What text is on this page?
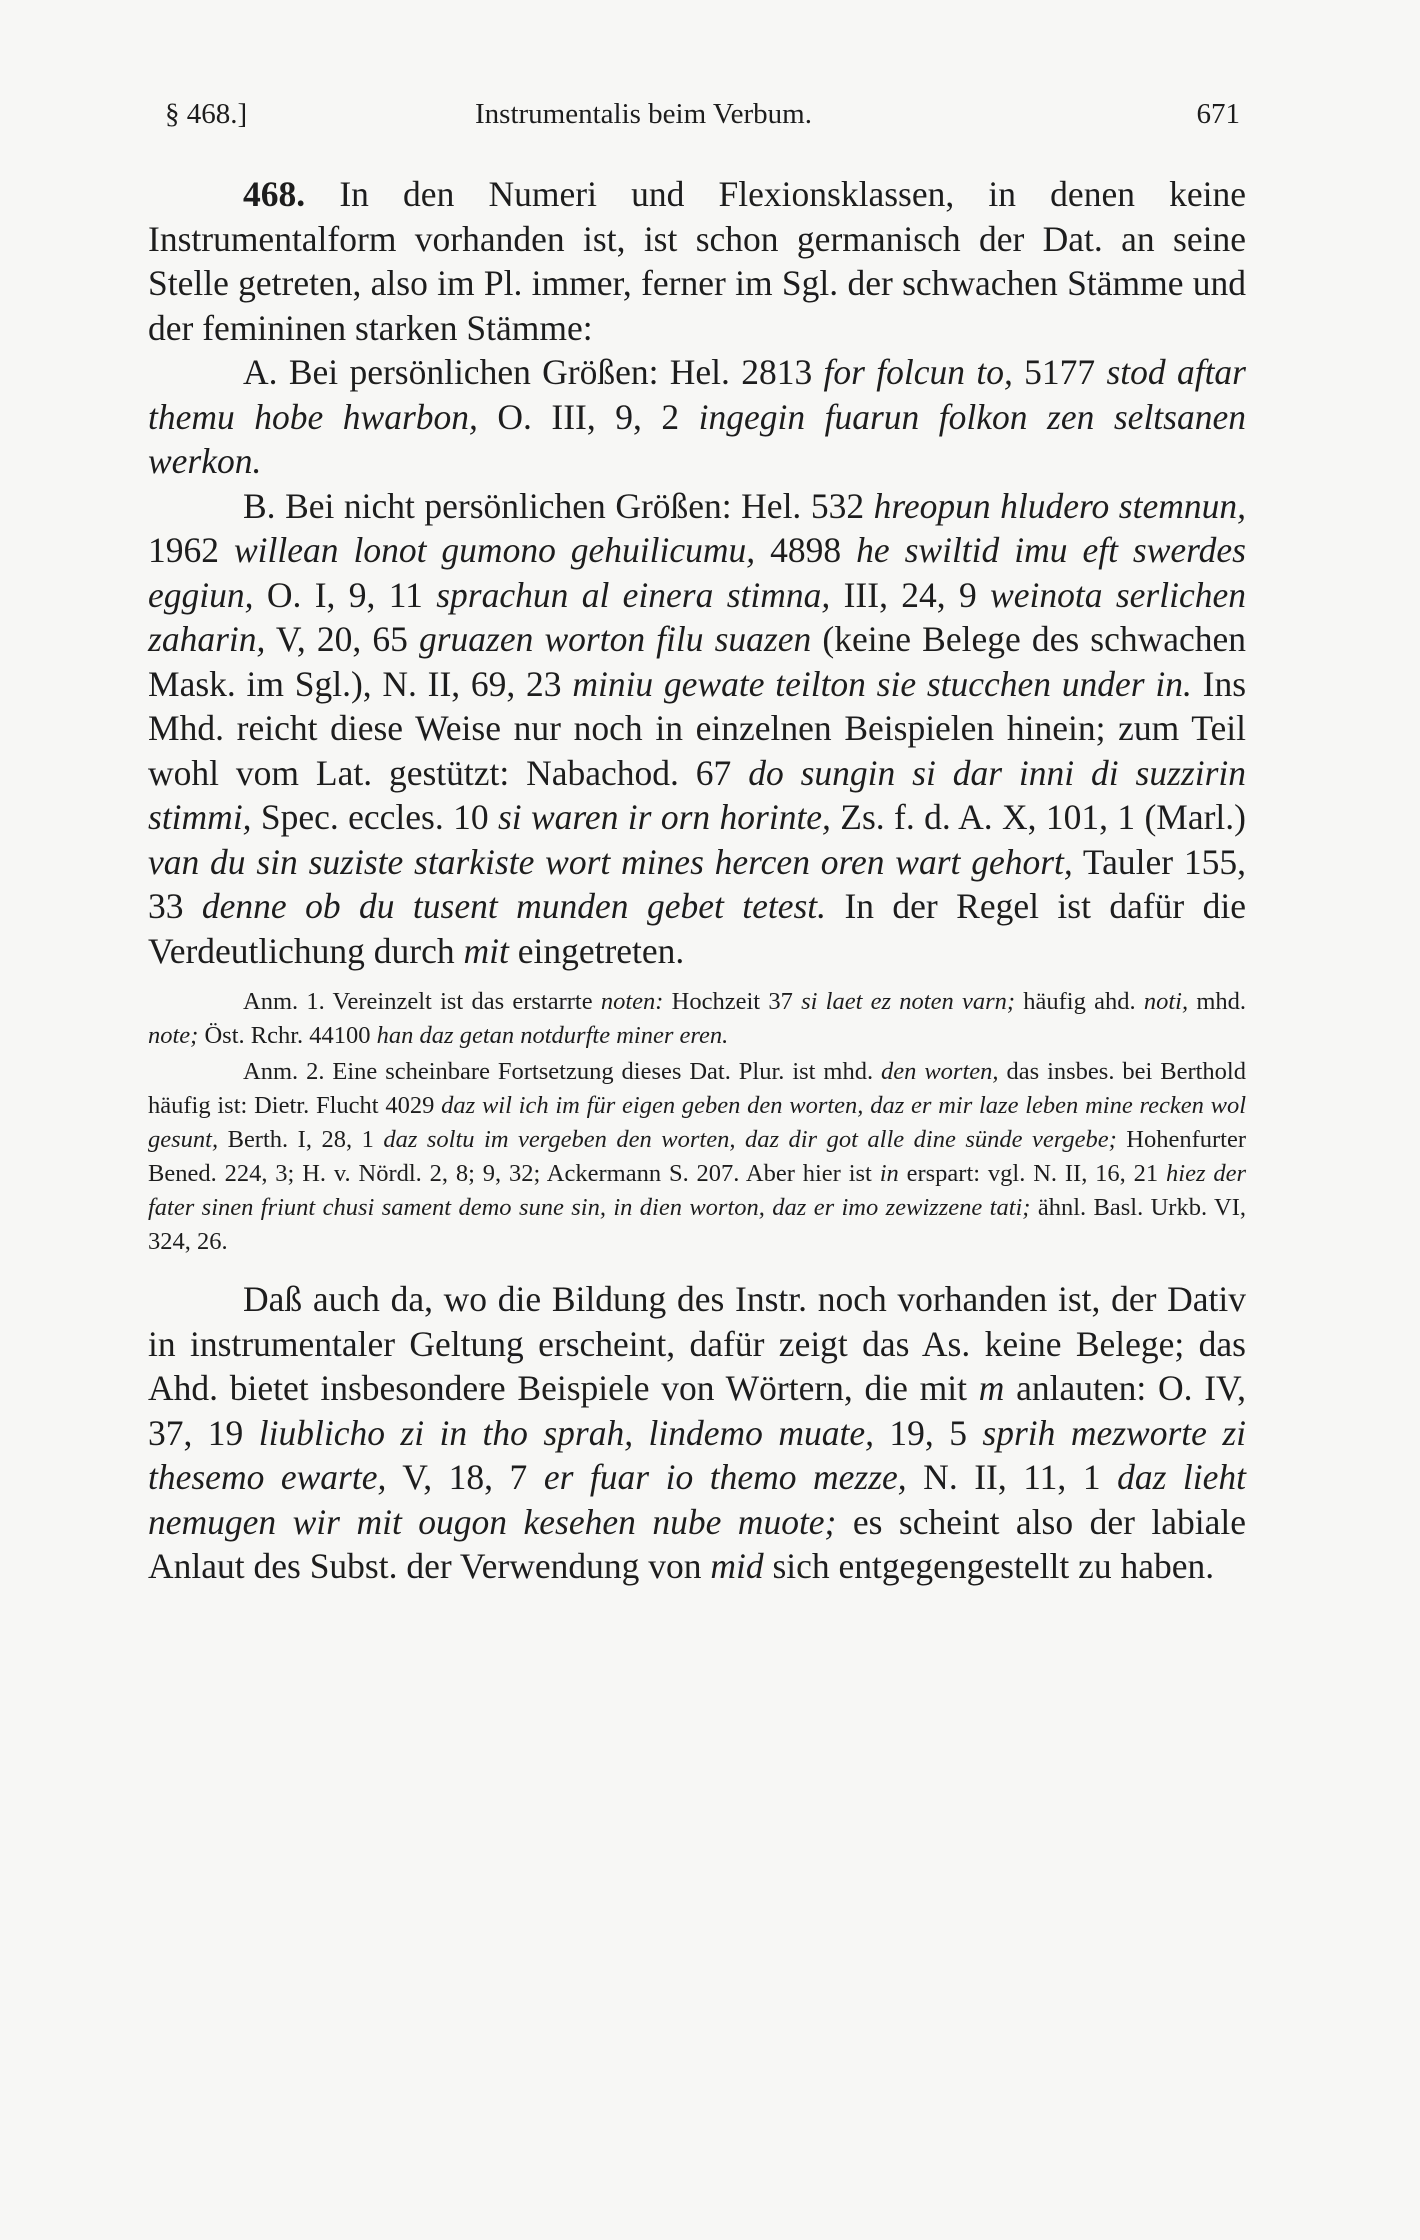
§ 468.]	Instrumentalis beim Verbum.	671

468. In den Numeri und Flexionsklassen, in denen keine Instrumentalform vorhanden ist, ist schon germanisch der Dat. an seine Stelle getreten, also im Pl. immer, ferner im Sgl. der schwachen Stämme und der femininen starken Stämme:

A. Bei persönlichen Größen: Hel. 2813 for folcun to, 5177 stod aftar themu hobe hwarbon, O. III, 9, 2 ingegin fuarun folkon zen seltsanen werkon.

B. Bei nicht persönlichen Größen: Hel. 532 hreopun hludero stemnun, 1962 willean lonot gumono gehuilicumu, 4898 he swiltid imu eft swerdes eggiun, O. I, 9, 11 sprachun al einera stimna, III, 24, 9 weinota serlichen zaharin, V, 20, 65 gruazen worton filu suazen (keine Belege des schwachen Mask. im Sgl.), N. II, 69, 23 miniu gewate teilton sie stucchen under in. Ins Mhd. reicht diese Weise nur noch in einzelnen Beispielen hinein; zum Teil wohl vom Lat. gestützt: Nabachod. 67 do sungin si dar inni di suzzirin stimmi, Spec. eccles. 10 si waren ir orn horinte, Zs. f. d. A. X, 101, 1 (Marl.) van du sin suziste starkiste wort mines hercen oren wart gehort, Tauler 155, 33 denne ob du tusent munden gebet tetest. In der Regel ist dafür die Verdeutlichung durch mit eingetreten.

Anm. 1. Vereinzelt ist das erstarrte noten: Hochzeit 37 si laet ez noten varn; häufig ahd. noti, mhd. note; Öst. Rchr. 44100 han daz getan notdurfte miner eren.

Anm. 2. Eine scheinbare Fortsetzung dieses Dat. Plur. ist mhd. den worten, das insbes. bei Berthold häufig ist: Dietr. Flucht 4029 daz wil ich im für eigen geben den worten, daz er mir laze leben mine recken wol gesunt, Berth. I, 28, 1 daz soltu im vergeben den worten, daz dir got alle dine sünde vergebe; Hohenfurter Bened. 224, 3; H. v. Nördl. 2, 8; 9, 32; Ackermann S. 207. Aber hier ist in erspart: vgl. N. II, 16, 21 hiez der fater sinen friunt chusi sament demo sune sin, in dien worton, daz er imo zewizzene tati; ähnl. Basl. Urkb. VI, 324, 26.

Daß auch da, wo die Bildung des Instr. noch vorhanden ist, der Dativ in instrumentaler Geltung erscheint, dafür zeigt das As. keine Belege; das Ahd. bietet insbesondere Beispiele von Wörtern, die mit m anlauten: O. IV, 37, 19 liublicho zi in tho sprah, lindemo muate, 19, 5 sprih mezworte zi thesemo ewarte, V, 18, 7 er fuar io themo mezze, N. II, 11, 1 daz lieht nemugen wir mit ougon kesehen nube muote; es scheint also der labiale Anlaut des Subst. der Verwendung von mid sich entgegengestellt zu haben.
